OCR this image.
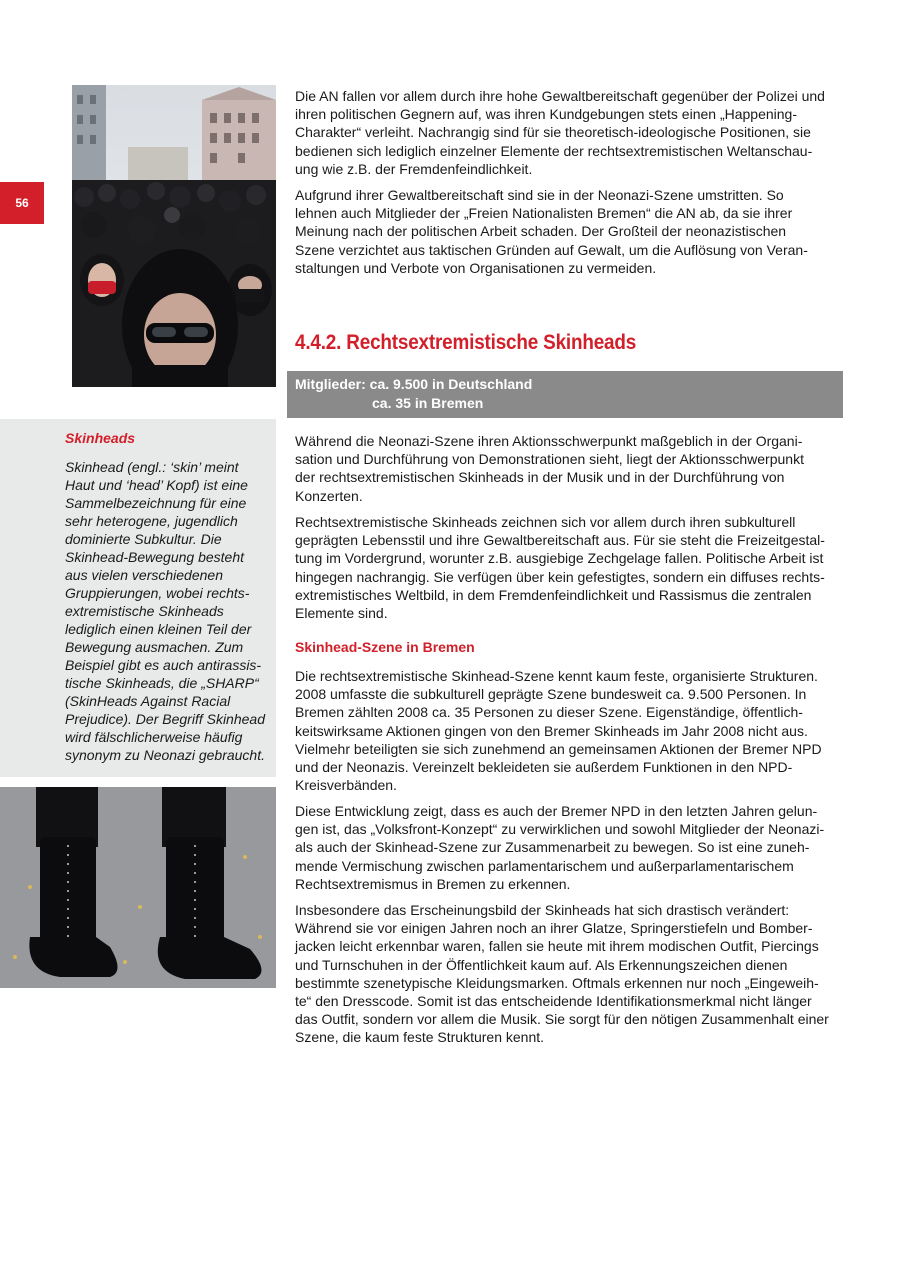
56
Skinheads

Skinhead (engl.: ‘skin’ meint
Haut und ‘head’ Kopf) ist eine
Sammelbezeichnung für eine
sehr heterogene, jugendlich
dominierte Subkultur. Die
Skinhead-Bewegung besteht
aus vielen verschiedenen
Gruppierungen, wobei rechts-
extremistische Skinheads
lediglich einen kleinen Teil der
Bewegung ausmachen. Zum
Beispiel gibt es auch antirassis-
tische Skinheads, die „SHARP“
(SkinHeads Against Racial
Prejudice). Der Begriff Skinhead
wird fälschlicherweise häufig
synonym zu Neonazi gebraucht.

Die AN fallen vor allem durch ihre hohe Gewaltbereitschaft gegenüber der Polizei und
ihren politischen Gegnern auf, was ihren Kundgebungen stets einen „Happening-
Charakter“ verleiht. Nachrangig sind für sie theoretisch-ideologische Positionen, sie
bedienen sich lediglich einzelner Elemente der rechtsextremistischen Weltanschau-
ung wie z.B. der Fremdenfeindlichkeit.

Aufgrund ihrer Gewaltbereitschaft sind sie in der Neonazi-Szene umstritten. So
lehnen auch Mitglieder der „Freien Nationalisten Bremen“ die AN ab, da sie ihrer
Meinung nach der politischen Arbeit schaden. Der Großteil der neonazistischen
Szene verzichtet aus taktischen Gründen auf Gewalt, um die Auflösung von Veran-
staltungen und Verbote von Organisationen zu vermeiden.

4.4.2. Rechtsextremistische Skinheads
Mitglieder: ca. 9.500 in Deutschland
ca. 35 in Bremen

Während die Neonazi-Szene ihren Aktionsschwerpunkt maßgeblich in der Organi-
sation und Durchführung von Demonstrationen sieht, liegt der Aktionsschwerpunkt
der rechtsextremistischen Skinheads in der Musik und in der Durchführung von
Konzerten.

Rechtsextremistische Skinheads zeichnen sich vor allem durch ihren subkulturell
geprägten Lebensstil und ihre Gewaltbereitschaft aus. Für sie steht die Freizeitgestal-
tung im Vordergrund, worunter z.B. ausgiebige Zechgelage fallen. Politische Arbeit ist
hingegen nachrangig. Sie verfügen über kein gefestigtes, sondern ein diffuses rechts-
extremistisches Weltbild, in dem Fremdenfeindlichkeit und Rassismus die zentralen
Elemente sind.

Skinhead-Szene in Bremen

Die rechtsextremistische Skinhead-Szene kennt kaum feste, organisierte Strukturen.
2008 umfasste die subkulturell geprägte Szene bundesweit ca. 9.500 Personen. In
Bremen zählten 2008 ca. 35 Personen zu dieser Szene. Eigenständige, öffentlich-
keitswirksame Aktionen gingen von den Bremer Skinheads im Jahr 2008 nicht aus.
Vielmehr beteiligten sie sich zunehmend an gemeinsamen Aktionen der Bremer NPD
und der Neonazis. Vereinzelt bekleideten sie außerdem Funktionen in den NPD-
Kreisverbänden.

Diese Entwicklung zeigt, dass es auch der Bremer NPD in den letzten Jahren gelun-
gen ist, das „Volksfront-Konzept“ zu verwirklichen und sowohl Mitglieder der Neonazi-
als auch der Skinhead-Szene zur Zusammenarbeit zu bewegen. So ist eine zuneh-
mende Vermischung zwischen parlamentarischem und außerparlamentarischem
Rechtsextremismus in Bremen zu erkennen.

Insbesondere das Erscheinungsbild der Skinheads hat sich drastisch verändert:
Während sie vor einigen Jahren noch an ihrer Glatze, Springerstiefeln und Bomber-
jacken leicht erkennbar waren, fallen sie heute mit ihrem modischen Outfit, Piercings
und Turnschuhen in der Öffentlichkeit kaum auf. Als Erkennungszeichen dienen
bestimmte szenetypische Kleidungsmarken. Oftmals erkennen nur noch „Eingeweih-
te“ den Dresscode. Somit ist das entscheidende Identifikationsmerkmal nicht länger
das Outfit, sondern vor allem die Musik. Sie sorgt für den nötigen Zusammenhalt einer
Szene, die kaum feste Strukturen kennt.
